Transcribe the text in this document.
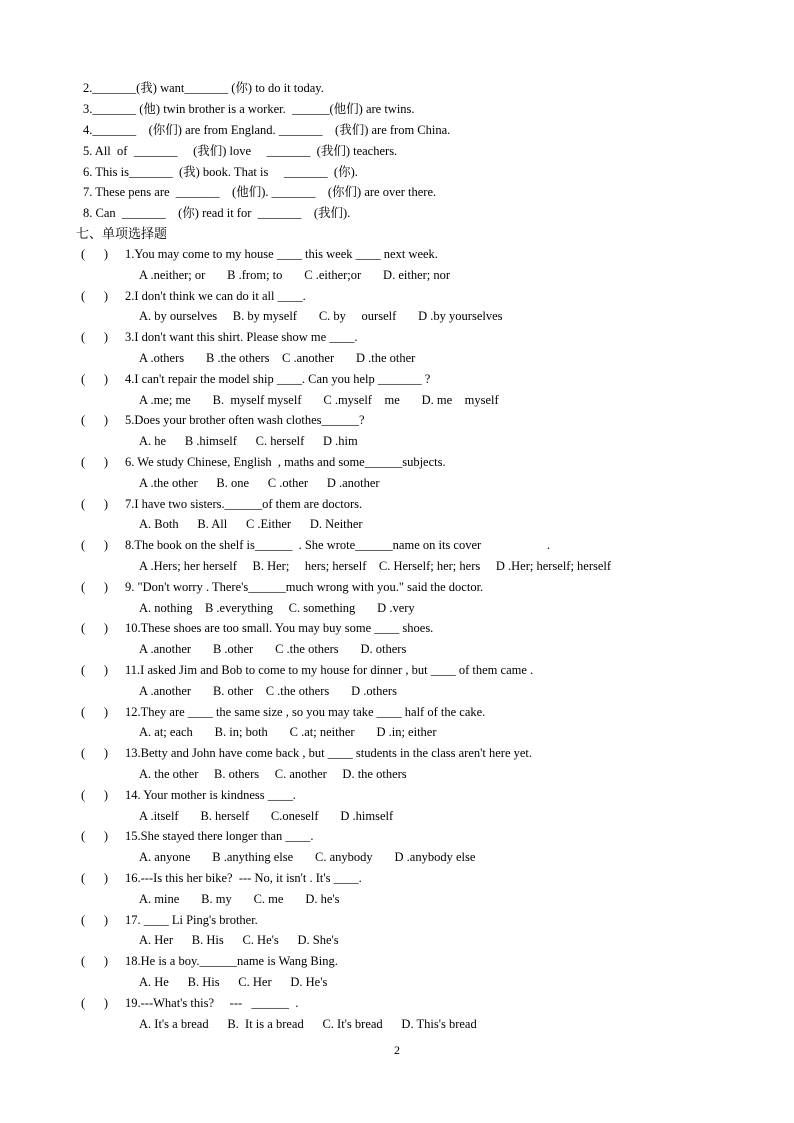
2._______(我) want_______ (你) to do it today.
3._______ (他) twin brother is a worker.  ______(他们) are twins.
4._______    (你们) are from England. _______    (我们) are from China.
5. All  of  _______     (我们) love     _______  (我们) teachers.
6. This is_______  (我) book. That is     _______  (你).
7. These pens are  _______    (他们). _______    (你们) are over there.
8. Can  _______    (你) read it for  _______    (我们).
七、单项选择题
(      ) 1.You may come to my house ____ this week ____ next week.
A .neither; or       B .from; to       C .either;or       D. either; nor
(      ) 2.I don't think we can do it all ____.
A. by ourselves     B. by myself       C. by     ourself       D .by yourselves
(      ) 3.I don't want this shirt. Please show me ____.
A .others       B .the others    C .another       D .the other
(      ) 4.I can't repair the model ship ____. Can you help _______ ?
A .me; me       B.  myself myself       C .myself    me       D. me    myself
(      ) 5.Does your brother often wash clothes______?
A. he      B .himself      C. herself      D .him
(      ) 6. We study Chinese, English  , maths and some______subjects.
A .the other      B. one      C .other      D .another
(      ) 7.I have two sisters.______of them are doctors.
A. Both      B. All      C .Either      D. Neither
(      ) 8.The book on the shelf is______  . She wrote______name on its cover                     .
A .Hers; her herself     B. Her;     hers; herself    C. Herself; her; hers     D .Her; herself; herself
(      ) 9. "Don't worry . There's______much wrong with you." said the doctor.
A. nothing    B .everything     C. something       D .very
(      ) 10.These shoes are too small. You may buy some ____ shoes.
A .another       B .other       C .the others       D. others
(      ) 11.I asked Jim and Bob to come to my house for dinner , but ____ of them came .
A .another       B. other    C .the others       D .others
(      ) 12.They are ____ the same size , so you may take ____ half of the cake.
A. at; each       B. in; both       C .at; neither       D .in; either
(      ) 13.Betty and John have come back , but ____ students in the class aren't here yet.
A. the other     B. others     C. another     D. the others
(      ) 14. Your mother is kindness ____.
A .itself       B. herself       C.oneself       D .himself
(      ) 15.She stayed there longer than ____.
A. anyone       B .anything else       C. anybody       D .anybody else
(      ) 16.---Is this her bike?  --- No, it isn't . It's ____.
A. mine       B. my       C. me       D. he's
(      ) 17. ____ Li Ping's brother.
A. Her      B. His      C. He's      D. She's
(      ) 18.He is a boy.______name is Wang Bing.
A. He      B. His      C. Her      D. He's
(      ) 19.---What's this?     ---   ______  .
A. It's a bread      B.  It is a bread      C. It's bread      D. This's bread
2
